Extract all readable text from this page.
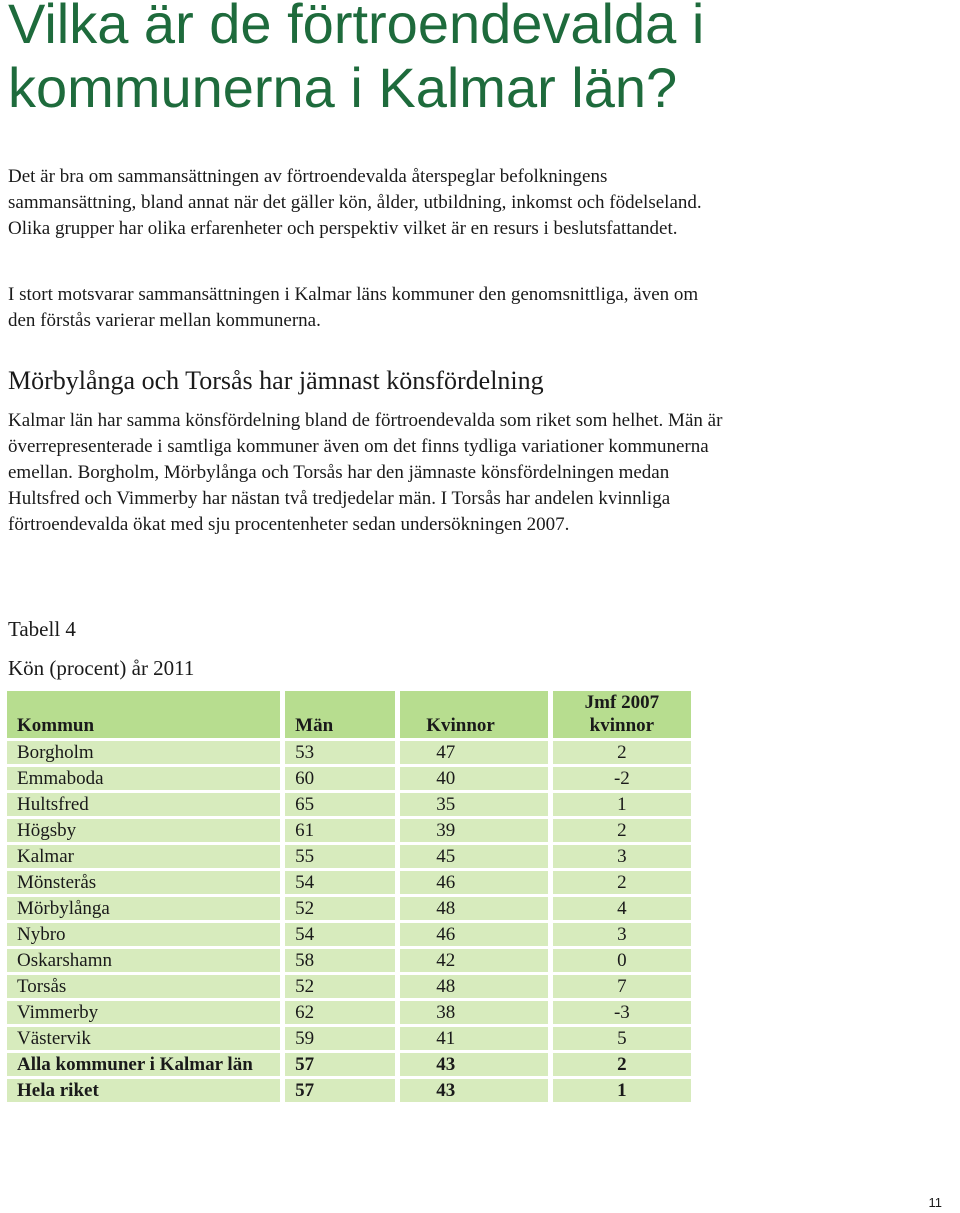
Vilka är de förtroendevalda i kommunerna i Kalmar län?

Det är bra om sammansättningen av förtroendevalda återspeglar befolkningens sammansättning, bland annat när det gäller kön, ålder, utbildning, inkomst och födelseland. Olika grupper har olika erfarenheter och perspektiv vilket är en resurs i beslutsfattandet.

I stort motsvarar sammansättningen i Kalmar läns kommuner den genomsnittliga, även om den förstås varierar mellan kommunerna.

Mörbylånga och Torsås har jämnast könsfördelning

Kalmar län har samma könsfördelning bland de förtroendevalda som riket som helhet. Män är överrepresenterade i samtliga kommuner även om det finns tydliga variationer kommunerna emellan. Borgholm, Mörbylånga och Torsås har den jämnaste könsfördelningen medan Hultsfred och Vimmerby har nästan två tredjedelar män. I Torsås har andelen kvinnliga förtroendevalda ökat med sju procentenheter sedan undersökningen 2007.

Tabell 4

Kön (procent) år 2011

Kommun	Män	Kvinnor	Jmf 2007
kvinnor
Borgholm	53	47	2
Emmaboda	60	40	-2
Hultsfred	65	35	1
Högsby	61	39	2
Kalmar	55	45	3
Mönsterås	54	46	2
Mörbylånga	52	48	4
Nybro	54	46	3
Oskarshamn	58	42	0
Torsås	52	48	7
Vimmerby	62	38	-3
Västervik	59	41	5
Alla kommuner i Kalmar län	57	43	2
Hela riket	57	43	1
11
